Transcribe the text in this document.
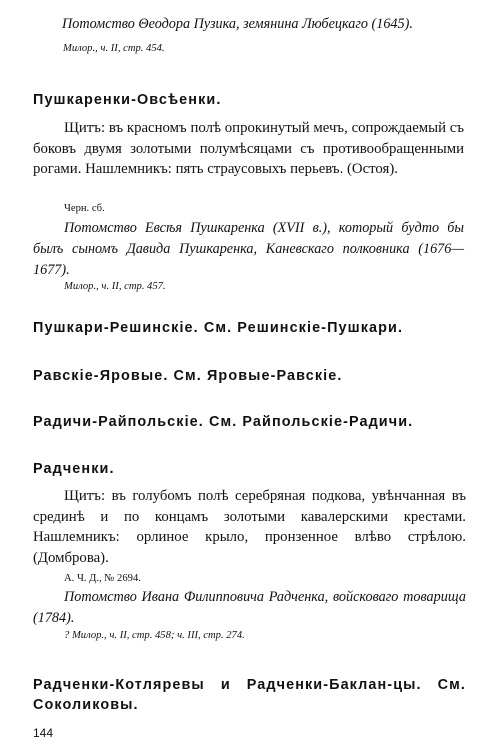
Потомство Θеодора Пузика, земянина Любецкаго (1645).

Милор., ч. II, стр. 454.

Пушкаренки-Овсѣенки.

Щитъ: въ красномъ полѣ опрокинутый мечъ, сопрождаемый съ боковъ двумя золотыми полумѣсяцами съ противообращенными рогами. Нашлемникъ: пять страусовыхъ перьевъ. (Остоя).

Черн. сб.

Потомство Евсѣя Пушкаренка (XVII в.), который будто бы былъ сыномъ Давида Пушкаренка, Каневскаго полковника (1676—1677).

Милор., ч. II, стр. 457.

Пушкари-Решинскіе. См. Решинскіе-Пушкари.

Равскіе-Яровые. См. Яровые-Равскіе.

Радичи-Райпольскіе. См. Райпольскіе-Радичи.

Радченки.

Щитъ: въ голубомъ полѣ серебряная подкова, увѣнчанная въ срединѣ и по концамъ золотыми кавалерскими крестами. Нашлемникъ: орлиное крыло, пронзенное влѣво стрѣлою. (Домброва).

А. Ч. Д., № 2694.

Потомство Ивана Филипповича Радченка, войсковаго товарища (1784).

? Милор., ч. II, стр. 458; ч. III, стр. 274.

Радченки-Котляревы и Радченки-Баклан-цы. См. Соколиковы.

144
